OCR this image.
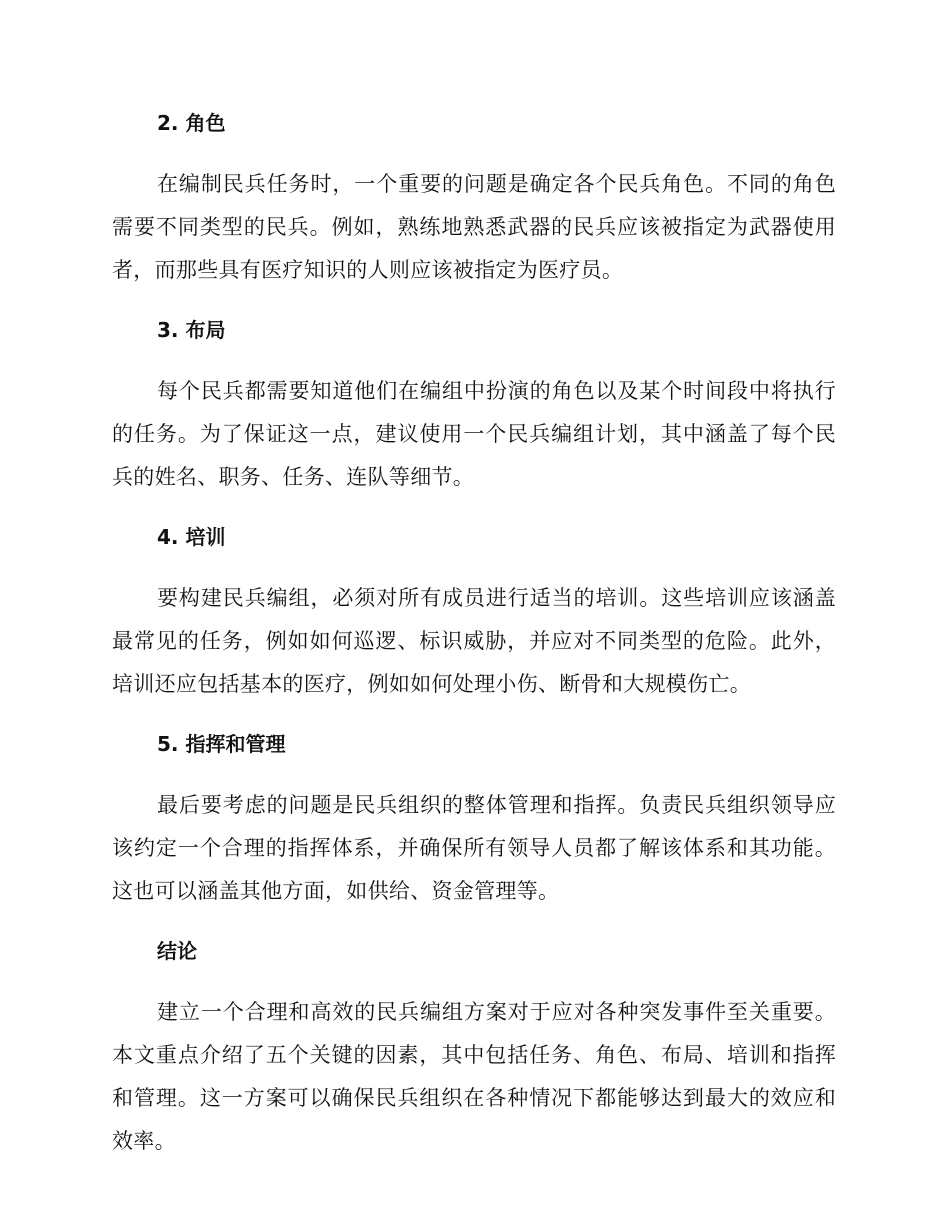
2. 角色

在编制民兵任务时，一个重要的问题是确定各个民兵角色。不同的角色需要不同类型的民兵。例如，熟练地熟悉武器的民兵应该被指定为武器使用者，而那些具有医疗知识的人则应该被指定为医疗员。

3. 布局

每个民兵都需要知道他们在编组中扮演的角色以及某个时间段中将执行的任务。为了保证这一点，建议使用一个民兵编组计划，其中涵盖了每个民兵的姓名、职务、任务、连队等细节。

4. 培训

要构建民兵编组，必须对所有成员进行适当的培训。这些培训应该涵盖最常见的任务，例如如何巡逻、标识威胁，并应对不同类型的危险。此外，培训还应包括基本的医疗，例如如何处理小伤、断骨和大规模伤亡。

5. 指挥和管理

最后要考虑的问题是民兵组织的整体管理和指挥。负责民兵组织领导应该约定一个合理的指挥体系，并确保所有领导人员都了解该体系和其功能。这也可以涵盖其他方面，如供给、资金管理等。

结论

建立一个合理和高效的民兵编组方案对于应对各种突发事件至关重要。本文重点介绍了五个关键的因素，其中包括任务、角色、布局、培训和指挥和管理。这一方案可以确保民兵组织在各种情况下都能够达到最大的效应和效率。
